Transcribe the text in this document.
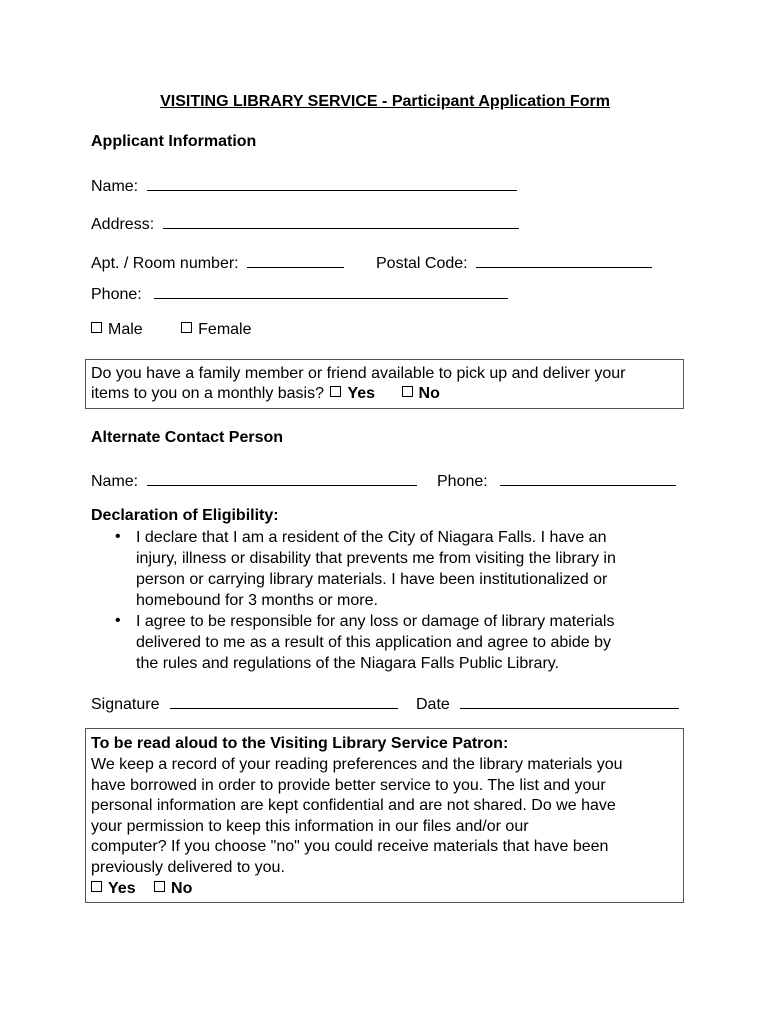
VISITING LIBRARY SERVICE - Participant Application Form
Applicant Information
Name:
Address:
Apt. / Room number:	Postal Code:
Phone:
Male	Female
Do you have a family member or friend available to pick up and deliver your
items to you on a monthly basis? Yes	No
Alternate Contact Person
Name:	Phone:
Declaration of Eligibility:
• I declare that I am a resident of the City of Niagara Falls. I have an
injury, illness or disability that prevents me from visiting the library in
person or carrying library materials. I have been institutionalized or
homebound for 3 months or more.
• I agree to be responsible for any loss or damage of library materials
delivered to me as a result of this application and agree to abide by
the rules and regulations of the Niagara Falls Public Library.
Signature	Date
To be read aloud to the Visiting Library Service Patron:
We keep a record of your reading preferences and the library materials you
have borrowed in order to provide better service to you. The list and your
personal information are kept confidential and are not shared. Do we have
your permission to keep this information in our files and/or our
computer? If you choose "no" you could receive materials that have been
previously delivered to you.
Yes No
